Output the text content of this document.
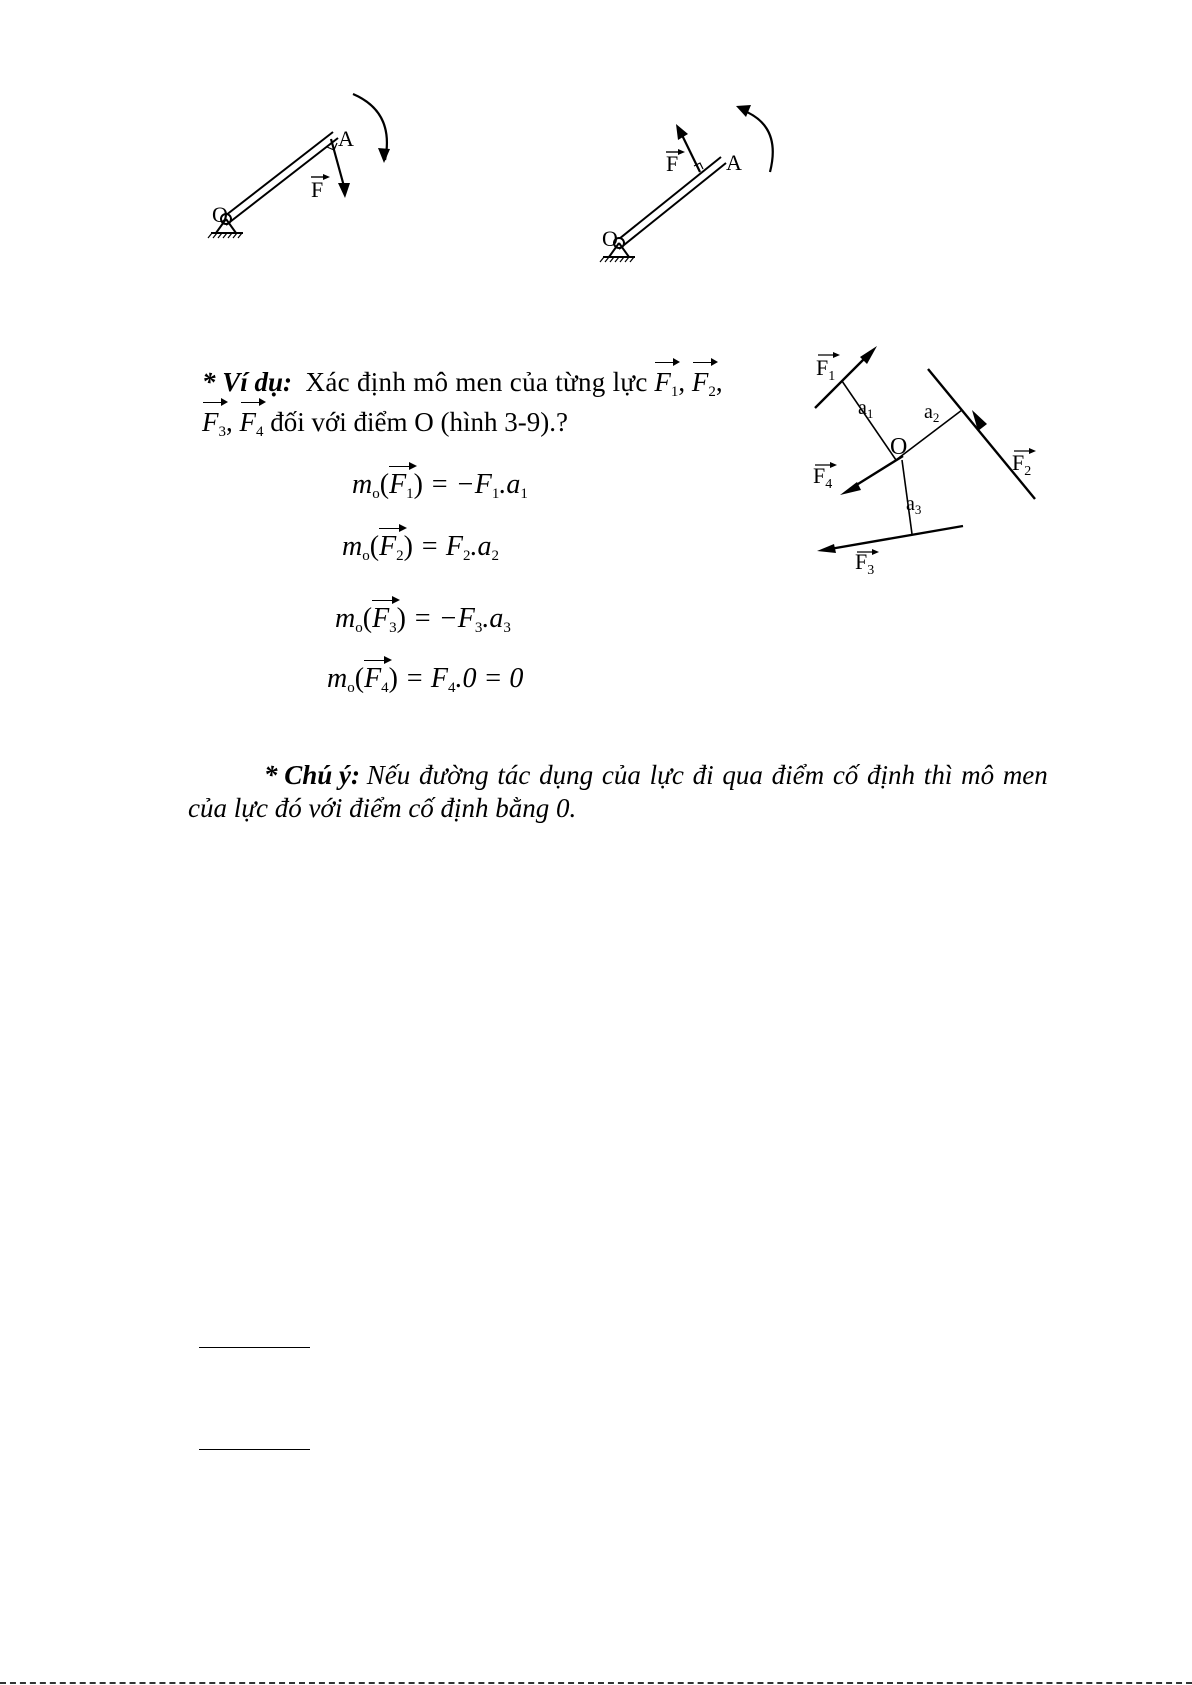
A
F
O
F A
O
* Ví dụ: Xác định mô men của từng lực $F_1$, $F_2$,
$F_3$, $F_4$ đối với điểm O (hình 3-9).?
$m_o(F_1) = -F_1.a_1$
$m_o(F_2) = F_2.a_2$
$m_o(F_3) = -F_3.a_3$
$m_o(F_4) = F_4.0 = 0$
$F_1$
$F_2$
$F_3$
$F_4$
$a_1$	$a_2$
$a_3$
O
* Chú ý: Nếu đường tác dụng của lực đi qua điểm cố định thì mô men
của lực đó với điểm cố định bằng 0.
